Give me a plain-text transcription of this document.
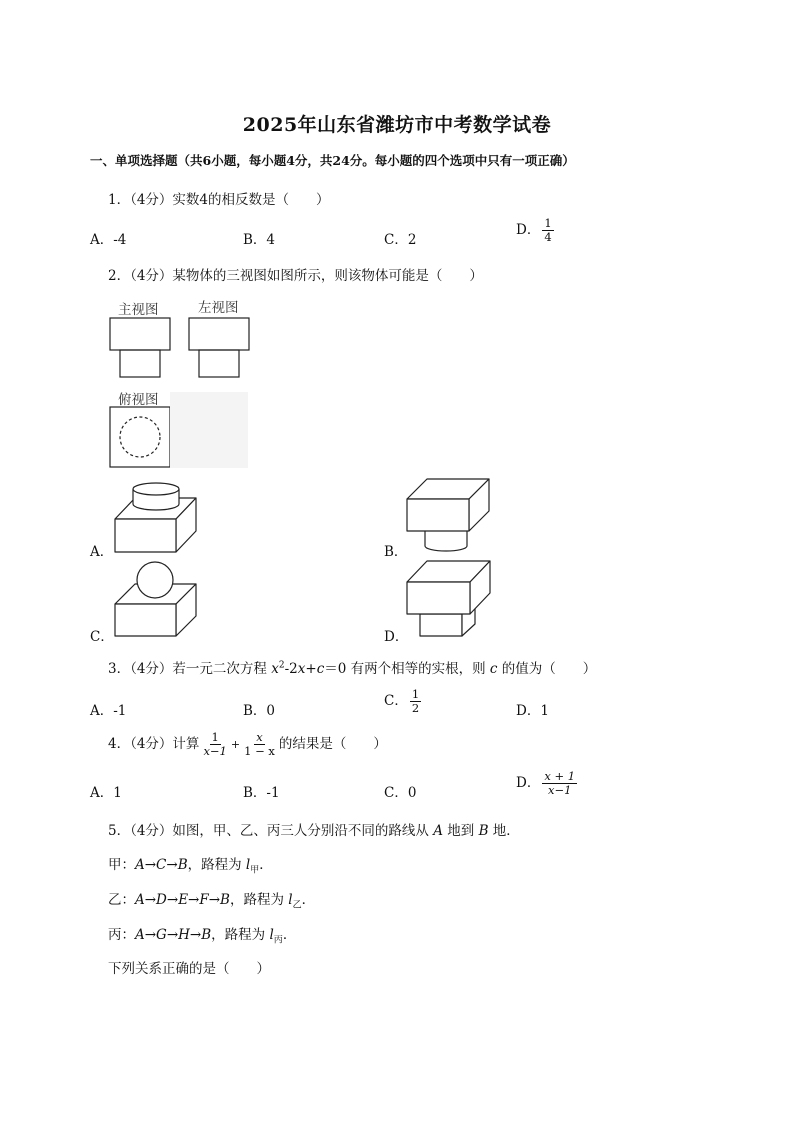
2025年山东省潍坊市中考数学试卷
一、单项选择题（共6小题，每小题4分，共24分。每小题的四个选项中只有一项正确）
1．（4分）实数4的相反数是（　　）
A．-4	B．4	C．2
D． $\frac{1}{4}$
2．（4分）某物体的三视图如图所示，则该物体可能是（　　）
主视图	左视图
俯视图
A．	B．
C．	D．
3．（4分）若一元二次方程 $x^2-2x+c=0$ 有两个相等的实根，则 c 的值为（　　）
A．-1	B．0
C． $\frac{1}{2}$	D．1
4．（4分）计算 $\frac{1}{x-1} + \frac{x}{1 - x}$ 的结果是（　　）
A．1	B．-1	C．0
D． $\frac{x + 1}{x-1}$
5．（4分）如图，甲、乙、丙三人分别沿不同的路线从 A 地到 B 地．
甲：A→C→B，路程为 $l_甲$．
乙：A→D→E→F→B，路程为 $l_乙$．
丙：A→G→H→B，路程为 $l_丙$．
下列关系正确的是（　　）
